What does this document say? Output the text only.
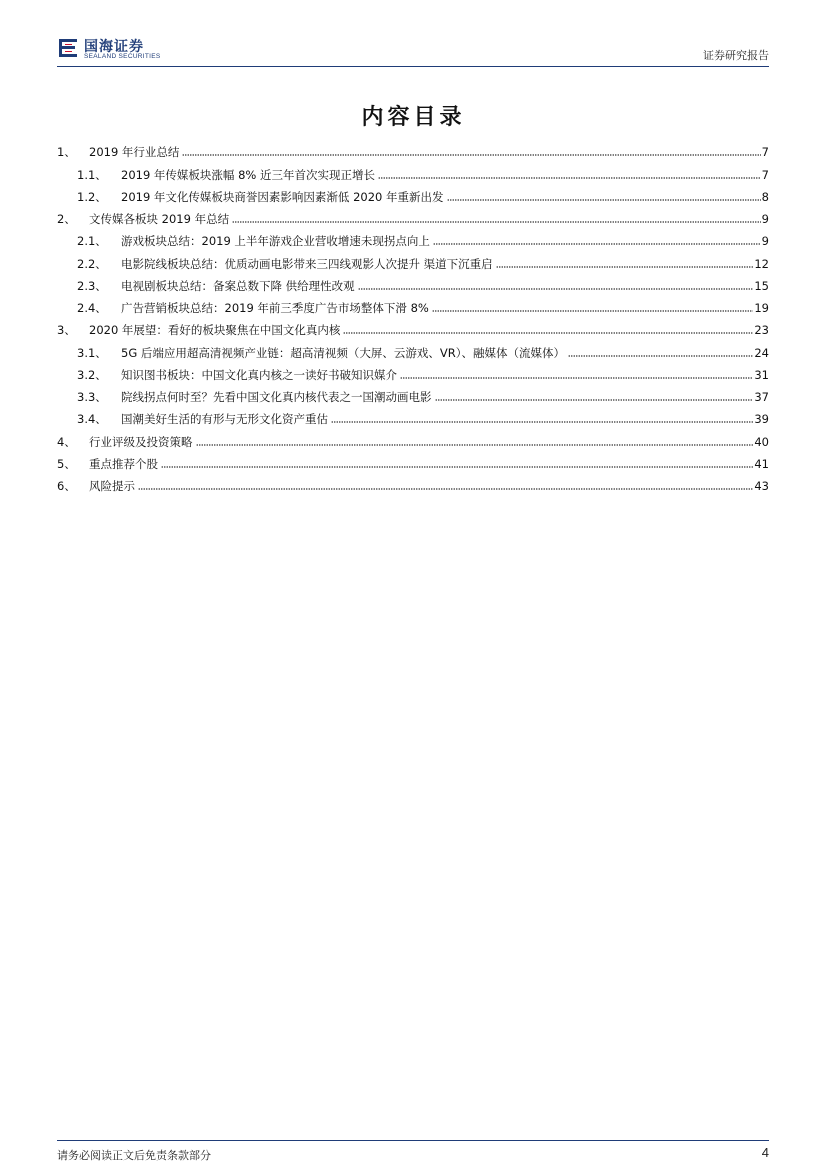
国海证券
SEALAND SECURITIES	证券研究报告
内容目录
1、	2019 年行业总结	7
1.1、	2019 年传媒板块涨幅 8% 近三年首次实现正增长	7
1.2、	2019 年文化传媒板块商誉因素影响因素渐低 2020 年重新出发	8
2、	文传媒各板块 2019 年总结	9
2.1、	游戏板块总结：2019 上半年游戏企业营收增速未现拐点向上	9
2.2、	电影院线板块总结：优质动画电影带来三四线观影人次提升 渠道下沉重启	12
2.3、	电视剧板块总结：备案总数下降 供给理性改观	15
2.4、	广告营销板块总结：2019 年前三季度广告市场整体下滑 8%	19
3、	2020 年展望：看好的板块聚焦在中国文化真内核	23
3.1、	5G 后端应用超高清视频产业链：超高清视频（大屏、云游戏、VR）、融媒体（流媒体）	24
3.2、	知识图书板块：中国文化真内核之一读好书破知识媒介	31
3.3、	院线拐点何时至？先看中国文化真内核代表之一国潮动画电影	37
3.4、	国潮美好生活的有形与无形文化资产重估	39
4、	行业评级及投资策略	40
5、	重点推荐个股	41
6、	风险提示	43
请务必阅读正文后免责条款部分	4
